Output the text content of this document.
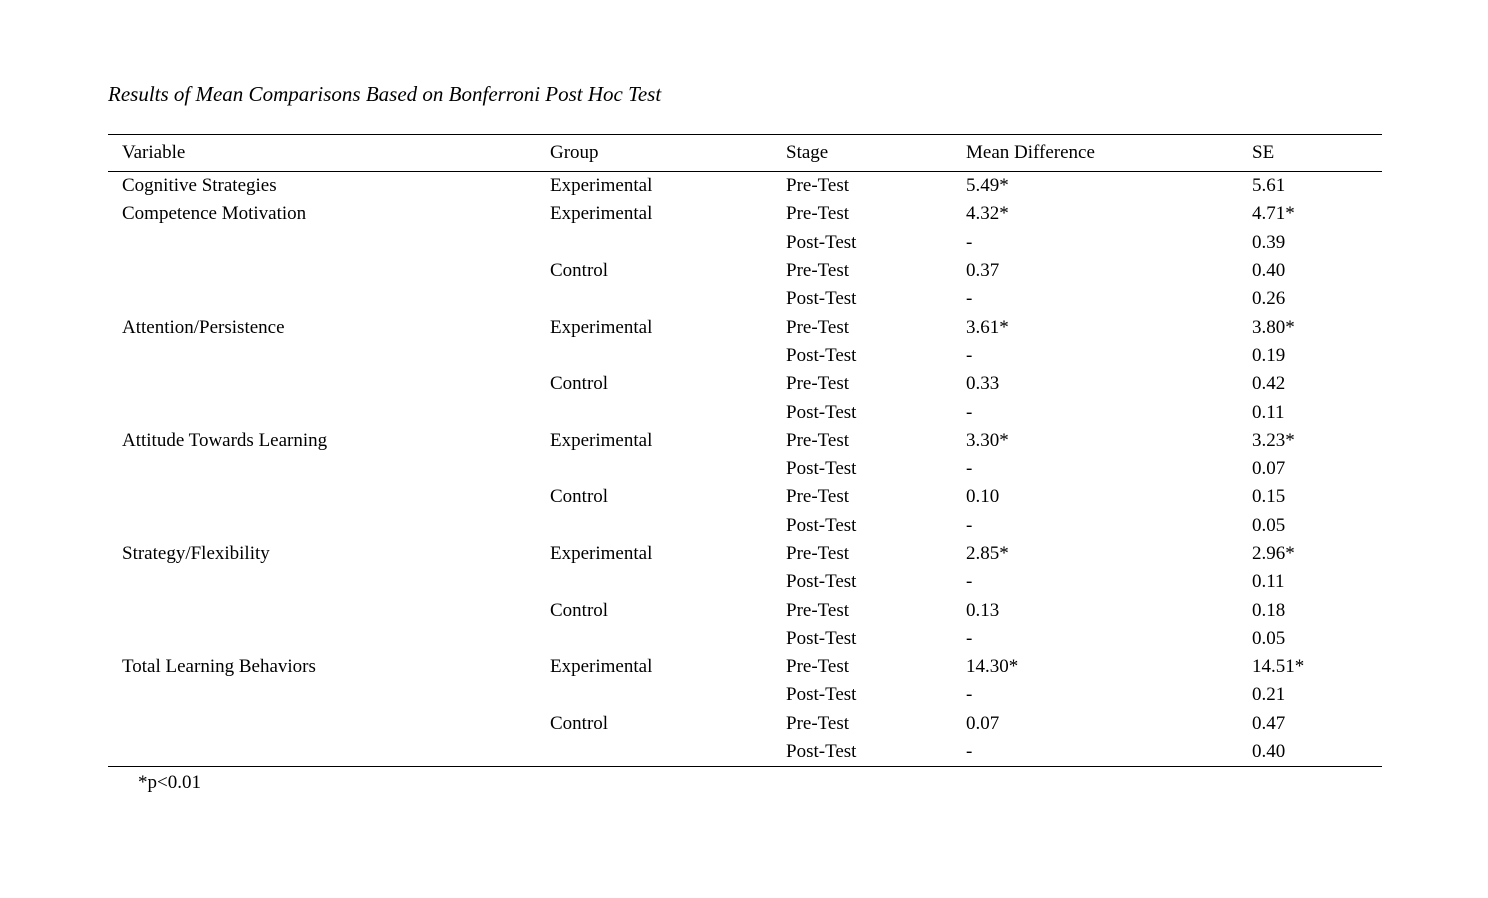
Results of Mean Comparisons Based on Bonferroni Post Hoc Test
Variable	Group	Stage	Mean Difference	SE
Cognitive Strategies	Experimental	Pre-Test	5.49*	5.61
Competence Motivation	Experimental	Pre-Test	4.32*	4.71*
		Post-Test	-	0.39
	Control	Pre-Test	0.37	0.40
		Post-Test	-	0.26
Attention/Persistence	Experimental	Pre-Test	3.61*	3.80*
		Post-Test	-	0.19
	Control	Pre-Test	0.33	0.42
		Post-Test	-	0.11
Attitude Towards Learning	Experimental	Pre-Test	3.30*	3.23*
		Post-Test	-	0.07
	Control	Pre-Test	0.10	0.15
		Post-Test	-	0.05
Strategy/Flexibility	Experimental	Pre-Test	2.85*	2.96*
		Post-Test	-	0.11
	Control	Pre-Test	0.13	0.18
		Post-Test	-	0.05
Total Learning Behaviors	Experimental	Pre-Test	14.30*	14.51*
		Post-Test	-	0.21
	Control	Pre-Test	0.07	0.47
		Post-Test	-	0.40
*p<0.01
